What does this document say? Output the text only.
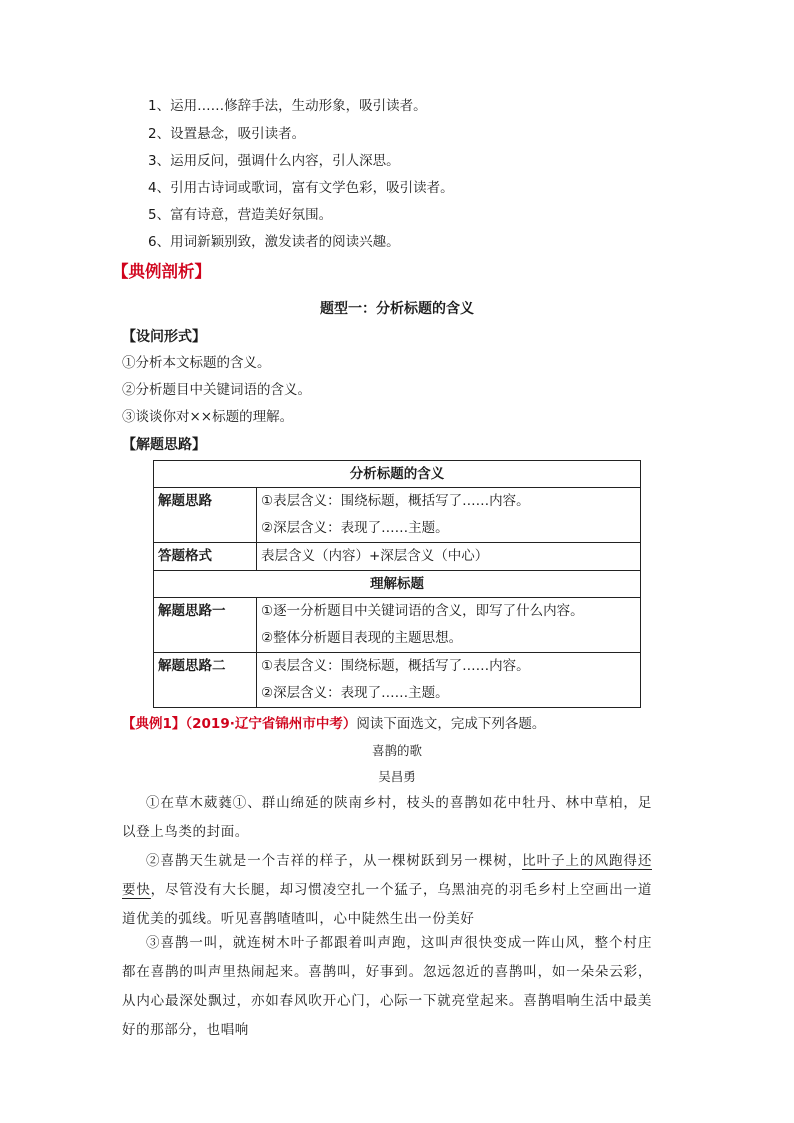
1、运用……修辞手法，生动形象，吸引读者。
2、设置悬念，吸引读者。
3、运用反问，强调什么内容，引人深思。
4、引用古诗词或歌词，富有文学色彩，吸引读者。
5、富有诗意，营造美好氛围。
6、用词新颖别致，激发读者的阅读兴趣。
【典例剖析】
题型一：分析标题的含义
【设问形式】
①分析本文标题的含义。
②分析题目中关键词语的含义。
③谈谈你对××标题的理解。
【解题思路】
分析标题的含义	

解题思路	①表层含义：围绕标题，概括写了……内容。
②深层含义：表现了……主题。

答题格式	表层含义（内容）+深层含义（中心）

理解标题	

解题思路一	①逐一分析题目中关键词语的含义，即写了什么内容。
②整体分析题目表现的主题思想。

解题思路二	①表层含义：围绕标题，概括写了……内容。
②深层含义：表现了……主题。
【典例1】（2019·辽宁省锦州市中考）阅读下面选文，完成下列各题。
喜鹊的歌
吴昌勇
①在草木葳蕤①、群山绵延的陕南乡村，枝头的喜鹊如花中牡丹、林中草柏，足以登上鸟类的封面。
②喜鹊天生就是一个吉祥的样子，从一棵树跃到另一棵树，比叶子上的风跑得还要快，尽管没有大长腿，却习惯凌空扎一个猛子，乌黑油亮的羽毛乡村上空画出一道道优美的弧线。听见喜鹊喳喳叫，心中陡然生出一份美好
③喜鹊一叫，就连树木叶子都跟着叫声跑，这叫声很快变成一阵山风，整个村庄都在喜鹊的叫声里热闹起来。喜鹊叫，好事到。忽远忽近的喜鹊叫，如一朵朵云彩，从内心最深处飘过，亦如春风吹开心门，心际一下就亮堂起来。喜鹊唱响生活中最美好的那部分，也唱响
